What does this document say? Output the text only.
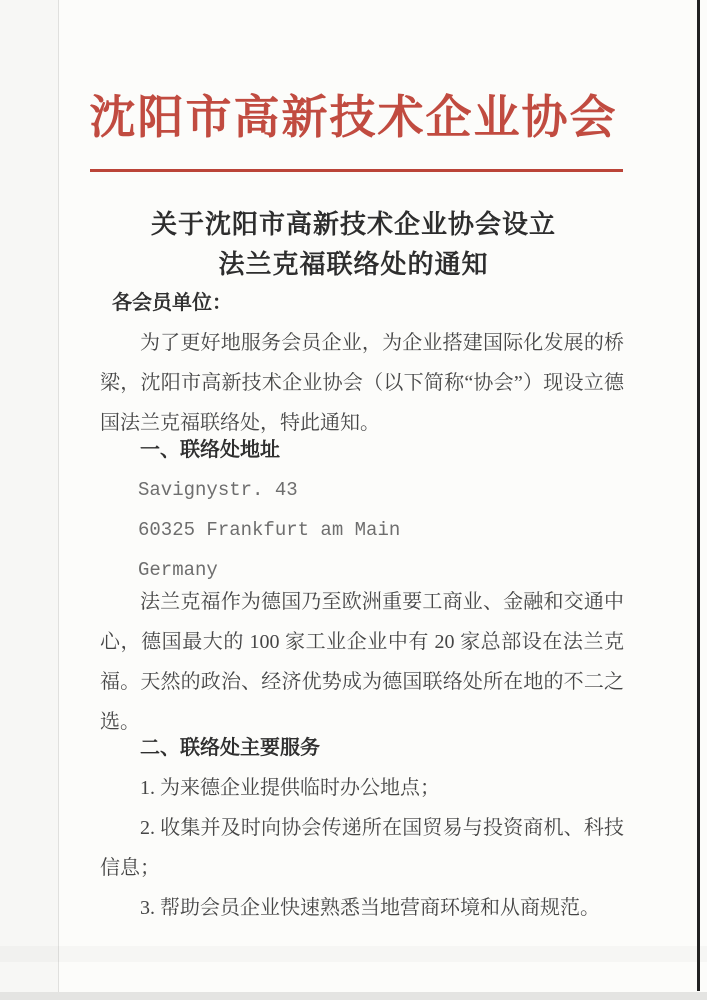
沈阳市高新技术企业协会
关于沈阳市高新技术企业协会设立
法兰克福联络处的通知

各会员单位：

为了更好地服务会员企业，为企业搭建国际化发展的桥梁，沈阳市高新技术企业协会（以下简称“协会”）现设立德国法兰克福联络处，特此通知。

一、联络处地址

Savignystr. 43

60325 Frankfurt am Main

Germany

法兰克福作为德国乃至欧洲重要工商业、金融和交通中心，德国最大的 100 家工业企业中有 20 家总部设在法兰克福。天然的政治、经济优势成为德国联络处所在地的不二之选。

二、联络处主要服务

1. 为来德企业提供临时办公地点；

2. 收集并及时向协会传递所在国贸易与投资商机、科技信息；

3. 帮助会员企业快速熟悉当地营商环境和从商规范。
